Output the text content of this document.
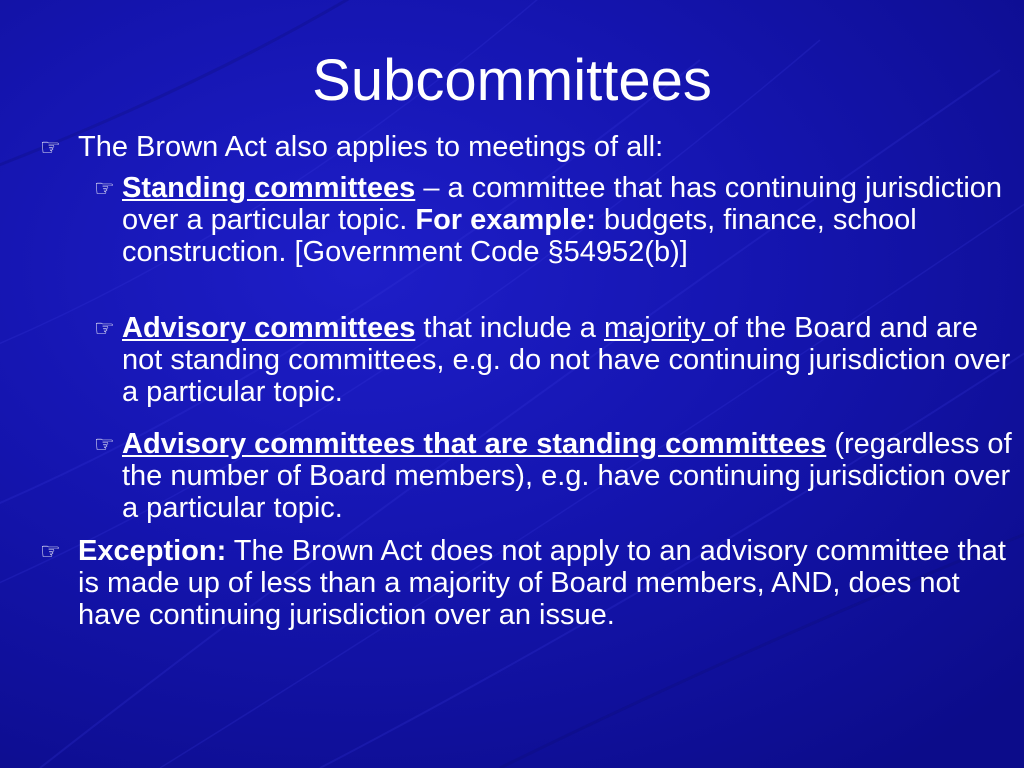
Subcommittees
☞ The Brown Act also applies to meetings of all:
☞ Standing committees – a committee that has continuing jurisdiction over a particular topic. For example: budgets, finance, school construction. [Government Code §54952(b)]
☞ Advisory committees that include a majority of the Board and are not standing committees, e.g. do not have continuing jurisdiction over a particular topic.
☞ Advisory committees that are standing committees (regardless of the number of Board members), e.g. have continuing jurisdiction over a particular topic.
☞ Exception: The Brown Act does not apply to an advisory committee that is made up of less than a majority of Board members, AND, does not have continuing jurisdiction over an issue.
